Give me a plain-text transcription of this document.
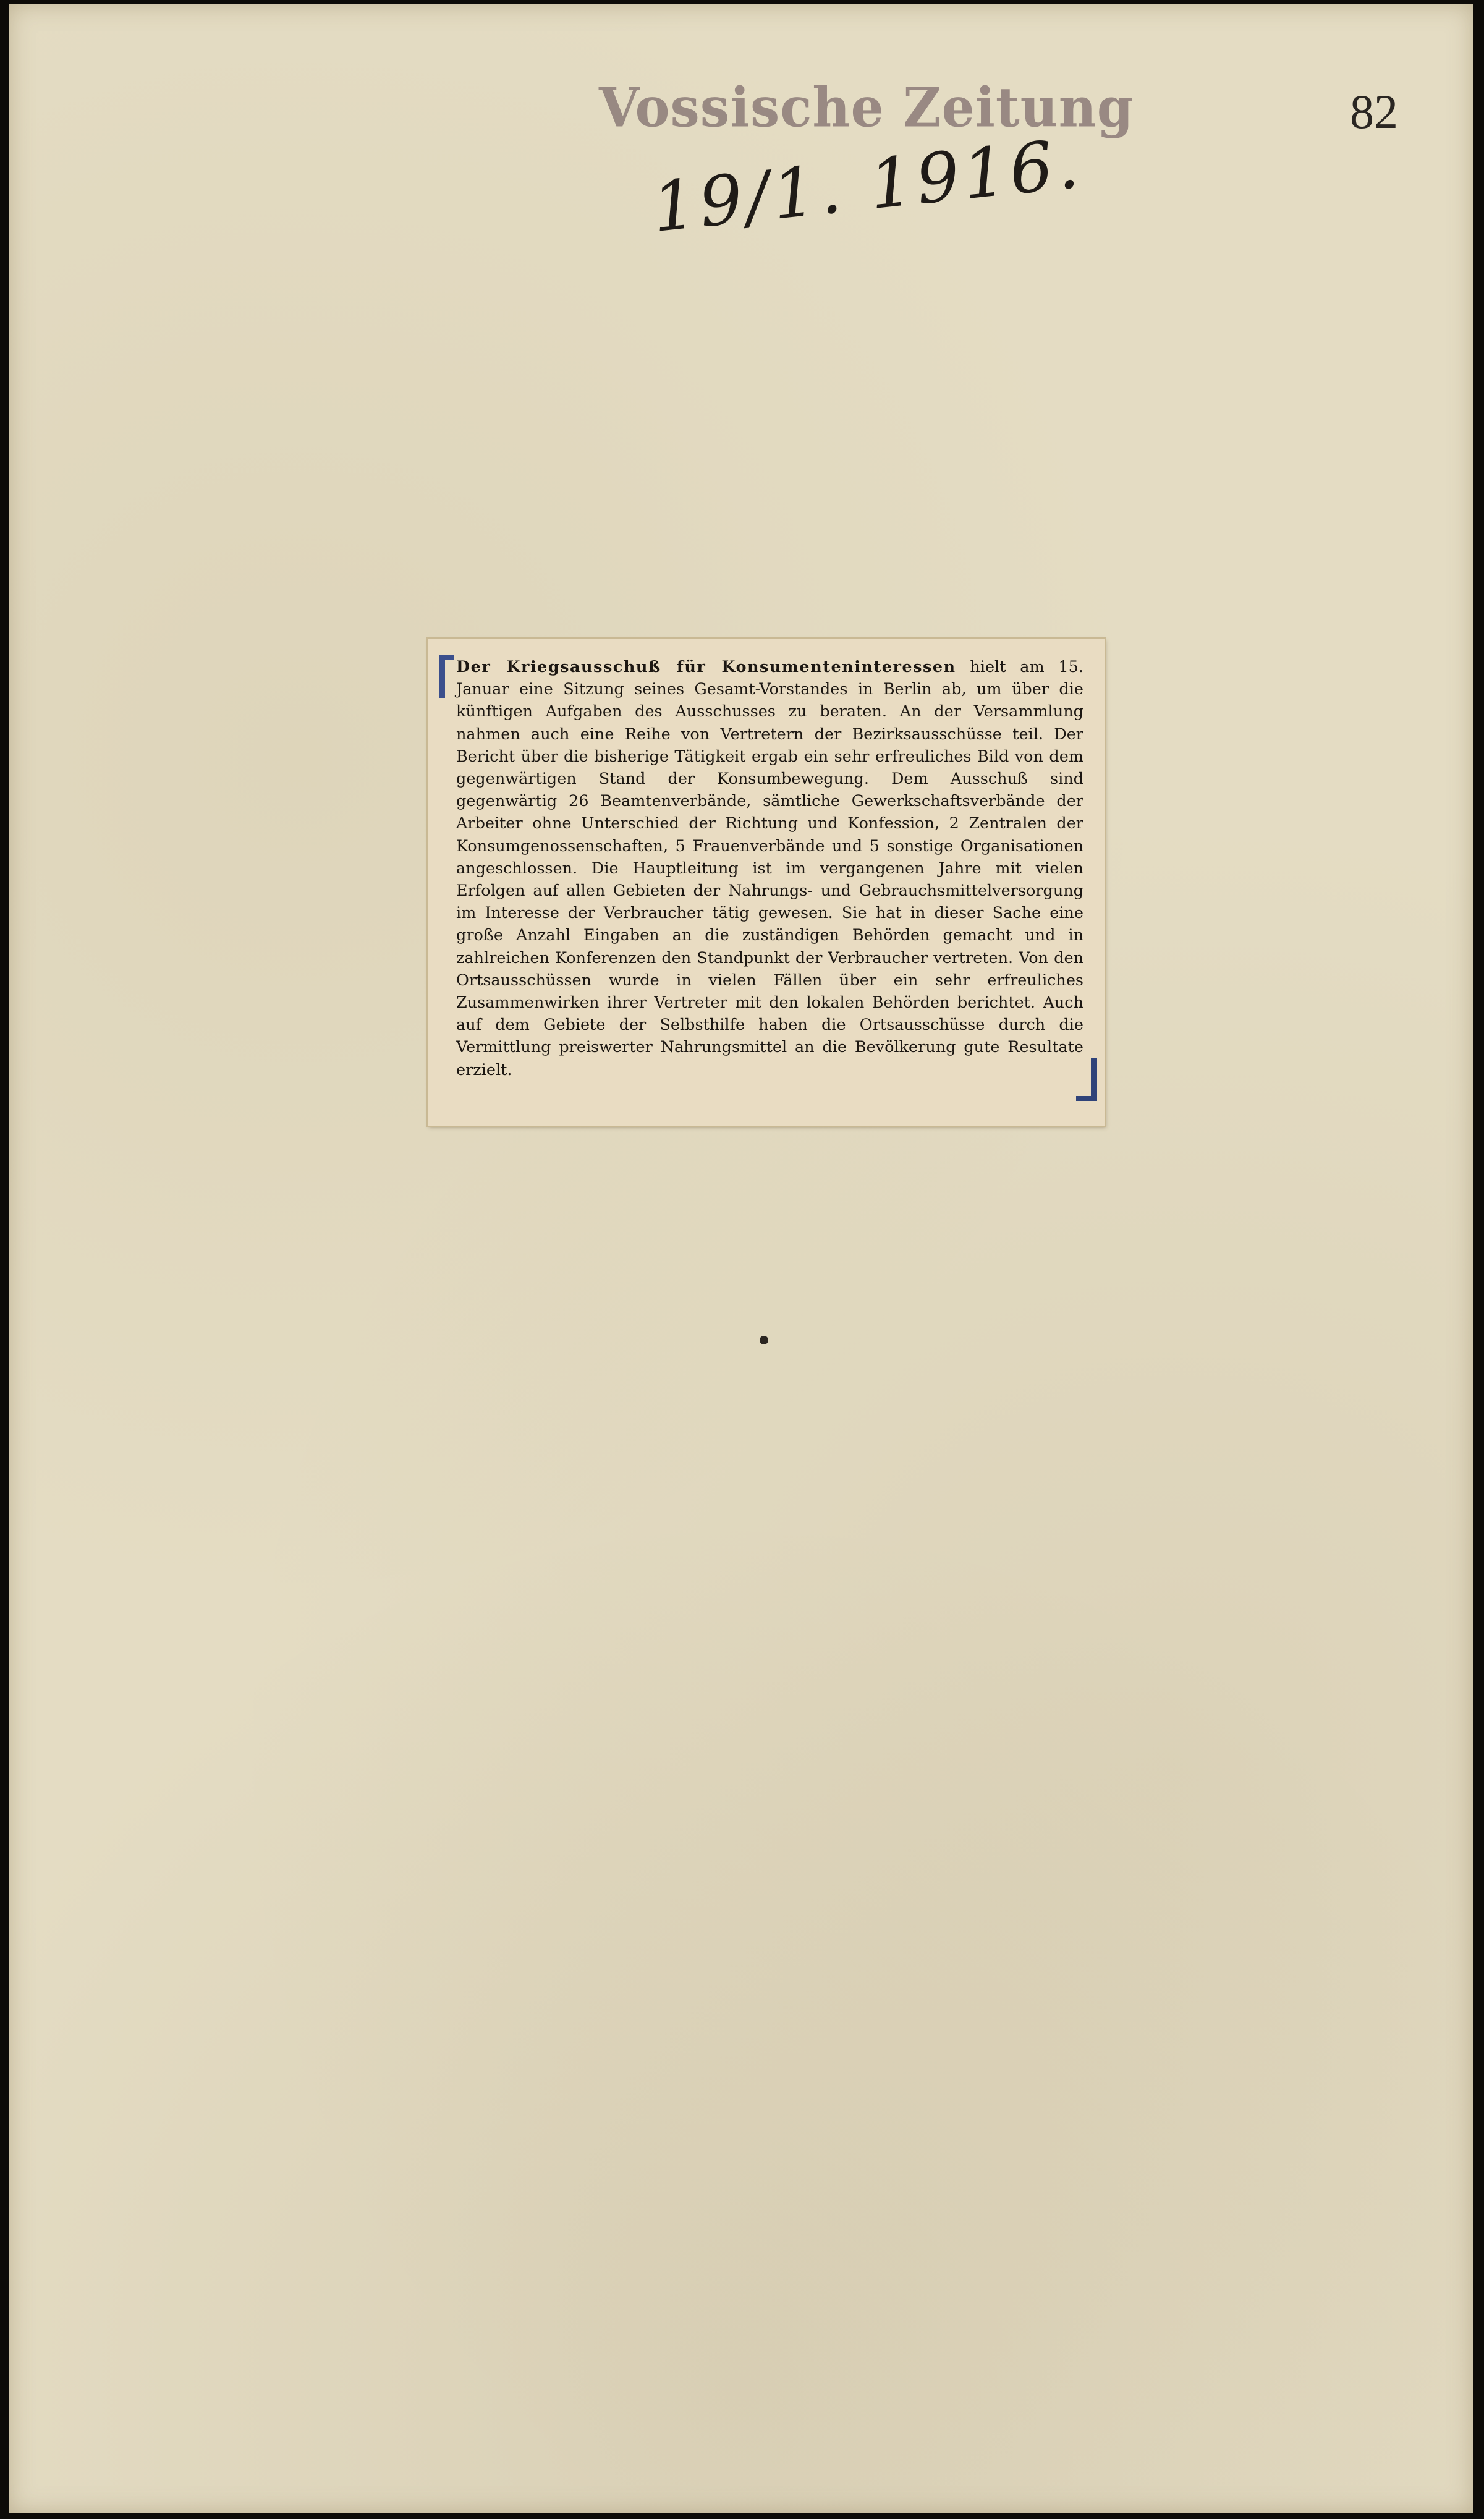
Vossische Zeitung	82
19/1. 1916.

Der Kriegsausschuß für Konsumenteninteressen hielt am 15. Januar eine Sitzung seines Gesamt-Vorstandes in Berlin ab, um über die künftigen Aufgaben des Ausschusses zu beraten. An der Versammlung nahmen auch eine Reihe von Vertretern der Bezirksausschüsse teil. Der Bericht über die bisherige Tätigkeit ergab ein sehr erfreuliches Bild von dem gegenwärtigen Stand der Konsumbewegung. Dem Ausschuß sind gegenwärtig 26 Beamtenverbände, sämtliche Gewerkschaftsverbände der Arbeiter ohne Unterschied der Richtung und Konfession, 2 Zentralen der Konsumgenossenschaften, 5 Frauenverbände und 5 sonstige Organisationen angeschlossen. Die Hauptleitung ist im vergangenen Jahre mit vielen Erfolgen auf allen Gebieten der Nahrungs- und Gebrauchsmittelversorgung im Interesse der Verbraucher tätig gewesen. Sie hat in dieser Sache eine große Anzahl Eingaben an die zuständigen Behörden gemacht und in zahlreichen Konferenzen den Standpunkt der Verbraucher vertreten. Von den Ortsausschüssen wurde in vielen Fällen über ein sehr erfreuliches Zusammenwirken ihrer Vertreter mit den lokalen Behörden berichtet. Auch auf dem Gebiete der Selbsthilfe haben die Ortsausschüsse durch die Vermittlung preiswerter Nahrungsmittel an die Bevölkerung gute Resultate erzielt.
